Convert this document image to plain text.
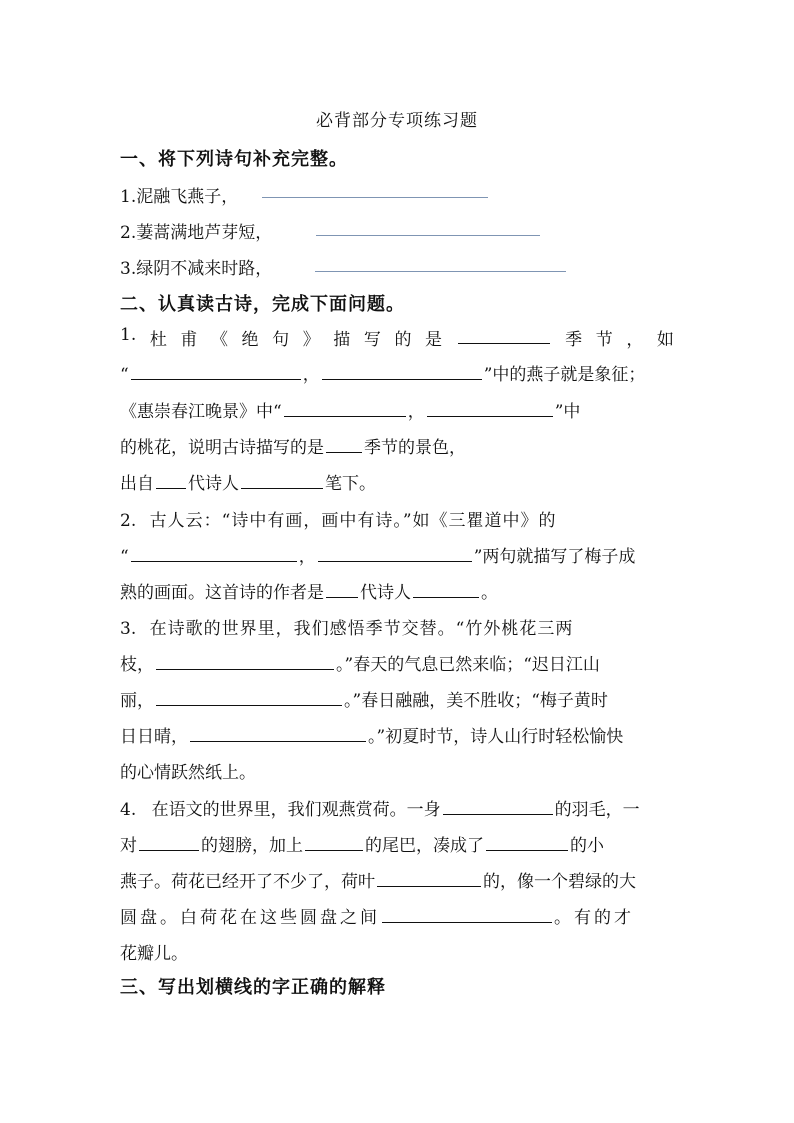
必背部分专项练习题
一、将下列诗句补充完整。
1.泥融飞燕子，
2.萋蒿满地芦芽短，
3.绿阴不减来时路，
二、认真读古诗，完成下面问题。
1. 杜 甫 《 绝 句 》 描 写 的 是	季 节 ， 如
“	，	”中的燕子就是象征；
《惠崇春江晚景》中“	，	”中
的桃花，说明古诗描写的是 季节的景色，
出自 代诗人	笔下。
2. 古人云：“诗中有画，画中有诗。”如《三瞿道中》的
“	，	”两句就描写了梅子成
熟的画面。这首诗的作者是 代诗人	。
3. 在诗歌的世界里，我们感悟季节交替。“竹外桃花三两
枝，	。”春天的气息已然来临；“迟日江山
丽，	。”春日融融，美不胜收；“梅子黄时
日日晴，	。”初夏时节，诗人山行时轻松愉快
的心情跃然纸上。
4. 在语文的世界里，我们观燕赏荷。一身	的羽毛，一
对	的翅膀，加上	的尾巴，凑成了	的小
燕子。荷花已经开了不少了，荷叶	的，像一个碧绿的大
圆盘。白荷花在这些圆盘之间	。有的才
花瓣儿。
三、写出划横线的字正确的解释
